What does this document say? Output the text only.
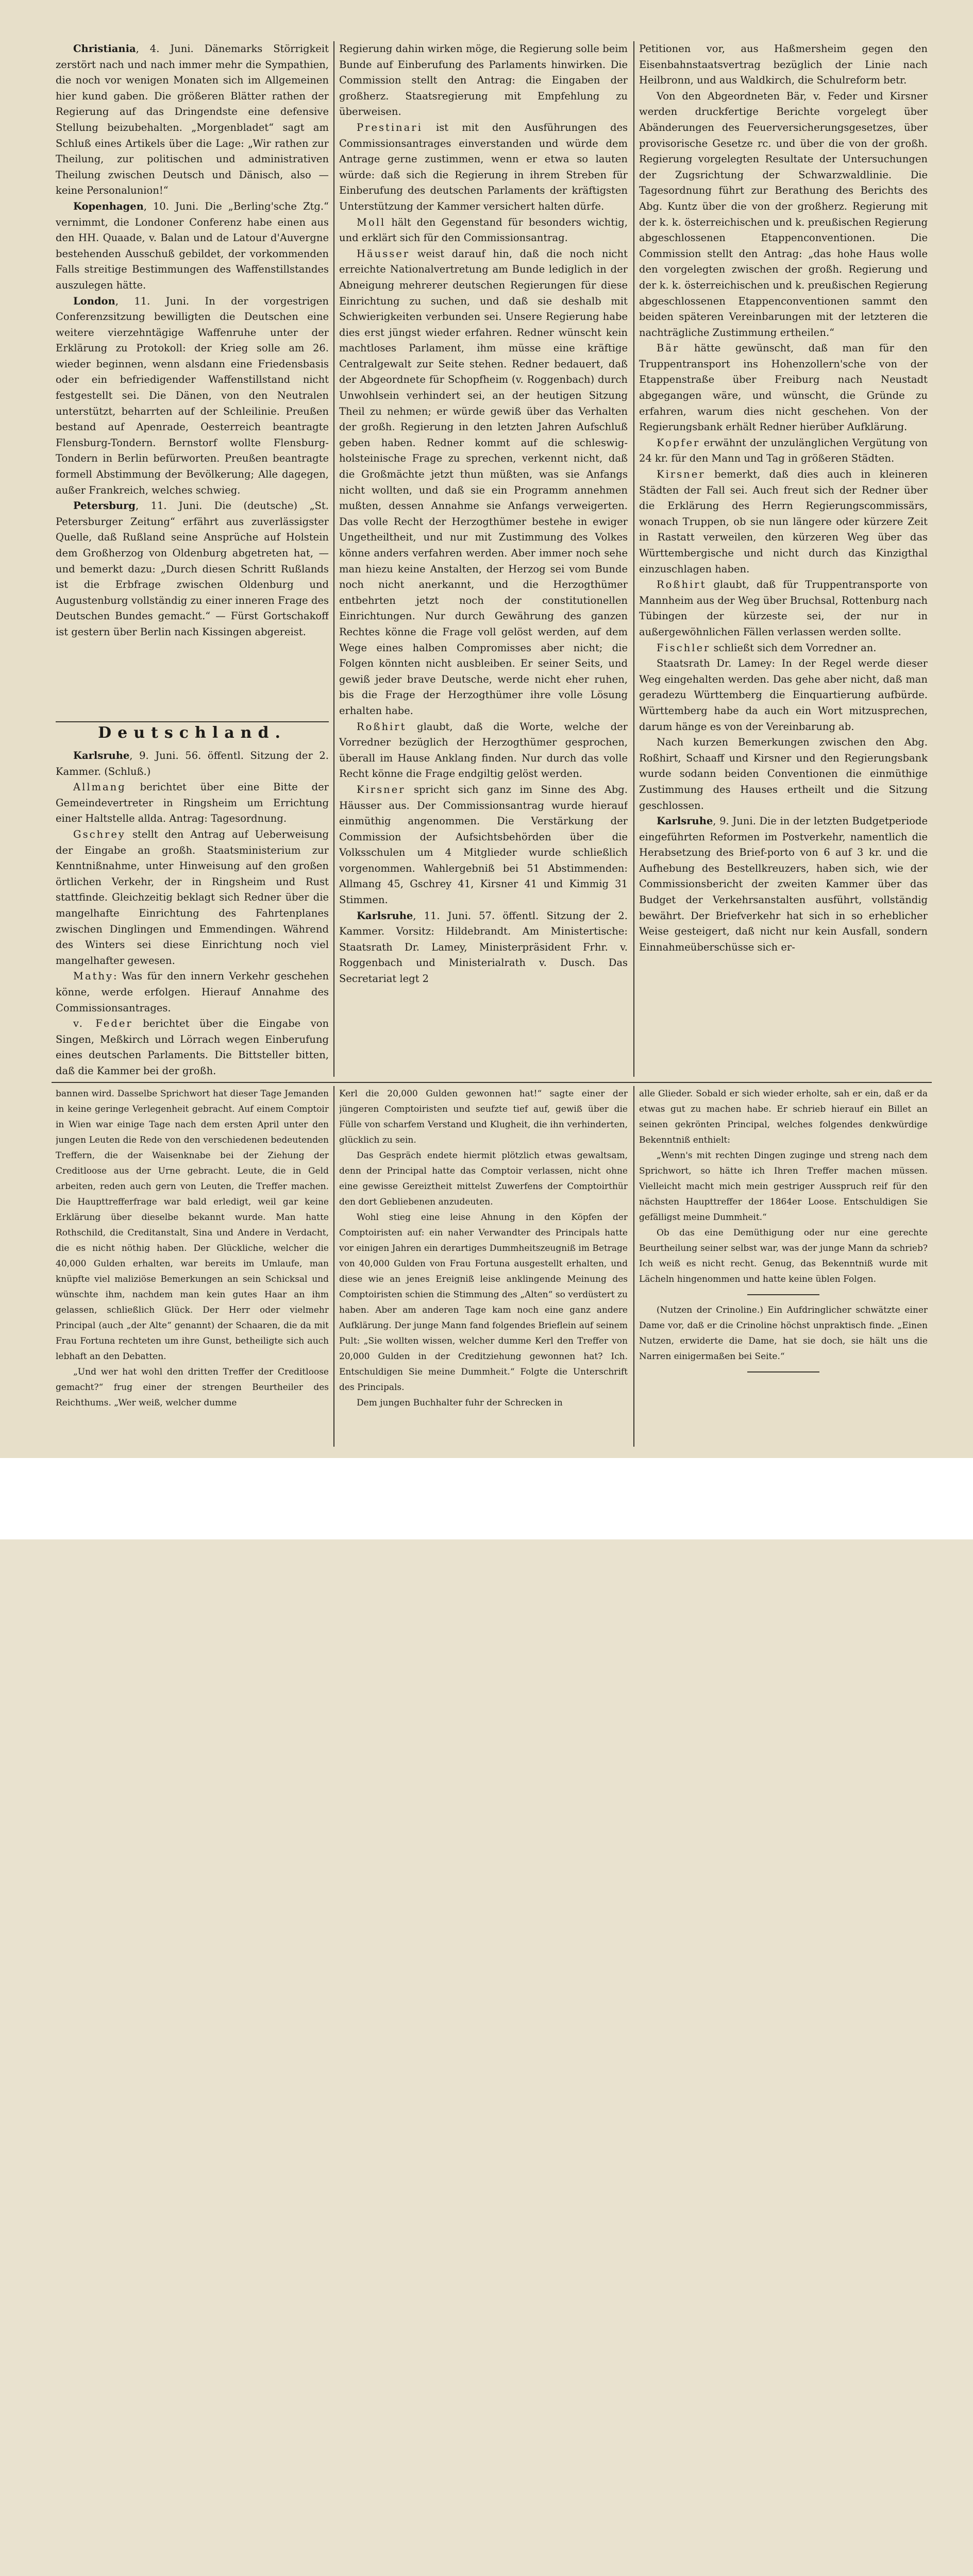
Christiania, 4. Juni. Dänemarks Störrigkeit zerstört nach und nach immer mehr die Sympathien, die noch vor wenigen Monaten sich im Allgemeinen hier kund gaben. Die größeren Blätter rathen der Regierung auf das Dringendste eine defensive Stellung beizubehalten. „Morgenbladet“ sagt am Schluß eines Artikels über die Lage: „Wir rathen zur Theilung, zur politischen und administrativen Theilung zwischen Deutsch und Dänisch, also — keine Personalunion!“

Kopenhagen, 10. Juni. Die „Berling'sche Ztg.“ vernimmt, die Londoner Conferenz habe einen aus den HH. Quaade, v. Balan und de Latour d'Auvergne bestehenden Ausschuß gebildet, der vorkommenden Falls streitige Bestimmungen des Waffenstillstandes auszulegen hätte.

London, 11. Juni. In der vorgestrigen Conferenzsitzung bewilligten die Deutschen eine weitere vierzehntägige Waffenruhe unter der Erklärung zu Protokoll: der Krieg solle am 26. wieder beginnen, wenn alsdann eine Friedensbasis oder ein befriedigender Waffenstillstand nicht festgestellt sei. Die Dänen, von den Neutralen unterstützt, beharrten auf der Schleilinie. Preußen bestand auf Apenrade, Oesterreich beantragte Flensburg-Tondern. Bernstorf wollte Flensburg-Tondern in Berlin befürworten. Preußen beantragte formell Abstimmung der Bevölkerung; Alle dagegen, außer Frankreich, welches schwieg.

Petersburg, 11. Juni. Die (deutsche) „St. Petersburger Zeitung“ erfährt aus zuverlässigster Quelle, daß Rußland seine Ansprüche auf Holstein dem Großherzog von Oldenburg abgetreten hat, — und bemerkt dazu: „Durch diesen Schritt Rußlands ist die Erbfrage zwischen Oldenburg und Augustenburg vollständig zu einer inneren Frage des Deutschen Bundes gemacht.“ — Fürst Gortschakoff ist gestern über Berlin nach Kissingen abgereist.

Deutschland.

Karlsruhe, 9. Juni. 56. öffentl. Sitzung der 2. Kammer. (Schluß.)

Allmang berichtet über eine Bitte der Gemeindevertreter in Ringsheim um Errichtung einer Haltstelle allda. Antrag: Tagesordnung.

Gschrey stellt den Antrag auf Ueberweisung der Eingabe an großh. Staatsministerium zur Kenntnißnahme, unter Hinweisung auf den großen örtlichen Verkehr, der in Ringsheim und Rust stattfinde. Gleichzeitig beklagt sich Redner über die mangelhafte Einrichtung des Fahrtenplanes zwischen Dinglingen und Emmendingen. Während des Winters sei diese Einrichtung noch viel mangelhafter gewesen.

Mathy: Was für den innern Verkehr geschehen könne, werde erfolgen. Hierauf Annahme des Commissionsantrages.

v. Feder berichtet über die Eingabe von Singen, Meßkirch und Lörrach wegen Einberufung eines deutschen Parlaments. Die Bittsteller bitten, daß die Kammer bei der großh.

Regierung dahin wirken möge, die Regierung solle beim Bunde auf Einberufung des Parlaments hinwirken. Die Commission stellt den Antrag: die Eingaben der großherz. Staatsregierung mit Empfehlung zu überweisen.

Prestinari ist mit den Ausführungen des Commissionsantrages einverstanden und würde dem Antrage gerne zustimmen, wenn er etwa so lauten würde: daß sich die Regierung in ihrem Streben für Einberufung des deutschen Parlaments der kräftigsten Unterstützung der Kammer versichert halten dürfe.

Moll hält den Gegenstand für besonders wichtig, und erklärt sich für den Commissionsantrag.

Häusser weist darauf hin, daß die noch nicht erreichte Nationalvertretung am Bunde lediglich in der Abneigung mehrerer deutschen Regierungen für diese Einrichtung zu suchen, und daß sie deshalb mit Schwierigkeiten verbunden sei. Unsere Regierung habe dies erst jüngst wieder erfahren. Redner wünscht kein machtloses Parlament, ihm müsse eine kräftige Centralgewalt zur Seite stehen. Redner bedauert, daß der Abgeordnete für Schopfheim (v. Roggenbach) durch Unwohlsein verhindert sei, an der heutigen Sitzung Theil zu nehmen; er würde gewiß über das Verhalten der großh. Regierung in den letzten Jahren Aufschluß geben haben. Redner kommt auf die schleswig-holsteinische Frage zu sprechen, verkennt nicht, daß die Großmächte jetzt thun müßten, was sie Anfangs nicht wollten, und daß sie ein Programm annehmen mußten, dessen Annahme sie Anfangs verweigerten. Das volle Recht der Herzogthümer bestehe in ewiger Ungetheiltheit, und nur mit Zustimmung des Volkes könne anders verfahren werden. Aber immer noch sehe man hiezu keine Anstalten, der Herzog sei vom Bunde noch nicht anerkannt, und die Herzogthümer entbehrten jetzt noch der constitutionellen Einrichtungen. Nur durch Gewährung des ganzen Rechtes könne die Frage voll gelöst werden, auf dem Wege eines halben Compromisses aber nicht; die Folgen könnten nicht ausbleiben. Er seiner Seits, und gewiß jeder brave Deutsche, werde nicht eher ruhen, bis die Frage der Herzogthümer ihre volle Lösung erhalten habe.

Roßhirt glaubt, daß die Worte, welche der Vorredner bezüglich der Herzogthümer gesprochen, überall im Hause Anklang finden. Nur durch das volle Recht könne die Frage endgiltig gelöst werden.

Kirsner spricht sich ganz im Sinne des Abg. Häusser aus. Der Commissionsantrag wurde hierauf einmüthig angenommen. Die Verstärkung der Commission der Aufsichtsbehörden über die Volksschulen um 4 Mitglieder wurde schließlich vorgenommen. Wahlergebniß bei 51 Abstimmenden: Allmang 45, Gschrey 41, Kirsner 41 und Kimmig 31 Stimmen.

Karlsruhe, 11. Juni. 57. öffentl. Sitzung der 2. Kammer. Vorsitz: Hildebrandt. Am Ministertische: Staatsrath Dr. Lamey, Ministerpräsident Frhr. v. Roggenbach und Ministerialrath v. Dusch. Das Secretariat legt 2

Petitionen vor, aus Haßmersheim gegen den Eisenbahnstaatsvertrag bezüglich der Linie nach Heilbronn, und aus Waldkirch, die Schulreform betr.

Von den Abgeordneten Bär, v. Feder und Kirsner werden druckfertige Berichte vorgelegt über Abänderungen des Feuerversicherungsgesetzes, über provisorische Gesetze rc. und über die von der großh. Regierung vorgelegten Resultate der Untersuchungen der Zugsrichtung der Schwarzwaldlinie. Die Tagesordnung führt zur Berathung des Berichts des Abg. Kuntz über die von der großherz. Regierung mit der k. k. österreichischen und k. preußischen Regierung abgeschlossenen Etappenconventionen. Die Commission stellt den Antrag: „das hohe Haus wolle den vorgelegten zwischen der großh. Regierung und der k. k. österreichischen und k. preußischen Regierung abgeschlossenen Etappenconventionen sammt den beiden späteren Vereinbarungen mit der letzteren die nachträgliche Zustimmung ertheilen.“

Bär hätte gewünscht, daß man für den Truppentransport ins Hohenzollern'sche von der Etappenstraße über Freiburg nach Neustadt abgegangen wäre, und wünscht, die Gründe zu erfahren, warum dies nicht geschehen. Von der Regierungsbank erhält Redner hierüber Aufklärung.

Kopfer erwähnt der unzulänglichen Vergütung von 24 kr. für den Mann und Tag in größeren Städten.

Kirsner bemerkt, daß dies auch in kleineren Städten der Fall sei. Auch freut sich der Redner über die Erklärung des Herrn Regierungscommissärs, wonach Truppen, ob sie nun längere oder kürzere Zeit in Rastatt verweilen, den kürzeren Weg über das Württembergische und nicht durch das Kinzigthal einzuschlagen haben.

Roßhirt glaubt, daß für Truppentransporte von Mannheim aus der Weg über Bruchsal, Rottenburg nach Tübingen der kürzeste sei, der nur in außergewöhnlichen Fällen verlassen werden sollte.

Fischler schließt sich dem Vorredner an.

Staatsrath Dr. Lamey: In der Regel werde dieser Weg eingehalten werden. Das gehe aber nicht, daß man geradezu Württemberg die Einquartierung aufbürde. Württemberg habe da auch ein Wort mitzusprechen, darum hänge es von der Vereinbarung ab.

Nach kurzen Bemerkungen zwischen den Abg. Roßhirt, Schaaff und Kirsner und den Regierungsbank wurde sodann beiden Conventionen die einmüthige Zustimmung des Hauses ertheilt und die Sitzung geschlossen.

Karlsruhe, 9. Juni. Die in der letzten Budgetperiode eingeführten Reformen im Postverkehr, namentlich die Herabsetzung des Brief-porto von 6 auf 3 kr. und die Aufhebung des Bestellkreuzers, haben sich, wie der Commissionsbericht der zweiten Kammer über das Budget der Verkehrsanstalten ausführt, vollständig bewährt. Der Briefverkehr hat sich in so erheblicher Weise gesteigert, daß nicht nur kein Ausfall, sondern Einnahmeüberschüsse sich er-

bannen wird. Dasselbe Sprichwort hat dieser Tage Jemanden in keine geringe Verlegenheit gebracht. Auf einem Comptoir in Wien war einige Tage nach dem ersten April unter den jungen Leuten die Rede von den verschiedenen bedeutenden Treffern, die der Waisenknabe bei der Ziehung der Creditloose aus der Urne gebracht. Leute, die in Geld arbeiten, reden auch gern von Leuten, die Treffer machen. Die Haupttrefferfrage war bald erledigt, weil gar keine Erklärung über dieselbe bekannt wurde. Man hatte Rothschild, die Creditanstalt, Sina und Andere in Verdacht, die es nicht nöthig haben. Der Glückliche, welcher die 40,000 Gulden erhalten, war bereits im Umlaufe, man knüpfte viel maliziöse Bemerkungen an sein Schicksal und wünschte ihm, nachdem man kein gutes Haar an ihm gelassen, schließlich Glück. Der Herr oder vielmehr Principal (auch „der Alte“ genannt) der Schaaren, die da mit Frau Fortuna rechteten um ihre Gunst, betheiligte sich auch lebhaft an den Debatten.

„Und wer hat wohl den dritten Treffer der Creditloose gemacht?“ frug einer der strengen Beurtheiler des Reichthums. „Wer weiß, welcher dumme

Kerl die 20,000 Gulden gewonnen hat!“ sagte einer der jüngeren Comptoiristen und seufzte tief auf, gewiß über die Fülle von scharfem Verstand und Klugheit, die ihn verhinderten, glücklich zu sein.

Das Gespräch endete hiermit plötzlich etwas gewaltsam, denn der Principal hatte das Comptoir verlassen, nicht ohne eine gewisse Gereiztheit mittelst Zuwerfens der Comptoirthür den dort Gebliebenen anzudeuten.

Wohl stieg eine leise Ahnung in den Köpfen der Comptoiristen auf: ein naher Verwandter des Principals hatte vor einigen Jahren ein derartiges Dummheitszeugniß im Betrage von 40,000 Gulden von Frau Fortuna ausgestellt erhalten, und diese wie an jenes Ereigniß leise anklingende Meinung des Comptoiristen schien die Stimmung des „Alten“ so verdüstert zu haben. Aber am anderen Tage kam noch eine ganz andere Aufklärung. Der junge Mann fand folgendes Brieflein auf seinem Pult: „Sie wollten wissen, welcher dumme Kerl den Treffer von 20,000 Gulden in der Creditziehung gewonnen hat? Ich. Entschuldigen Sie meine Dummheit.“ Folgte die Unterschrift des Principals.

Dem jungen Buchhalter fuhr der Schrecken in

alle Glieder. Sobald er sich wieder erholte, sah er ein, daß er da etwas gut zu machen habe. Er schrieb hierauf ein Billet an seinen gekrönten Principal, welches folgendes denkwürdige Bekenntniß enthielt:

„Wenn's mit rechten Dingen zuginge und streng nach dem Sprichwort, so hätte ich Ihren Treffer machen müssen. Vielleicht macht mich mein gestriger Ausspruch reif für den nächsten Haupttreffer der 1864er Loose. Entschuldigen Sie gefälligst meine Dummheit.“

Ob das eine Demüthigung oder nur eine gerechte Beurtheilung seiner selbst war, was der junge Mann da schrieb? Ich weiß es nicht recht. Genug, das Bekenntniß wurde mit Lächeln hingenommen und hatte keine üblen Folgen.

(Nutzen der Crinoline.) Ein Aufdringlicher schwätzte einer Dame vor, daß er die Crinoline höchst unpraktisch finde. „Einen Nutzen, erwiderte die Dame, hat sie doch, sie hält uns die Narren einigermaßen bei Seite.“
